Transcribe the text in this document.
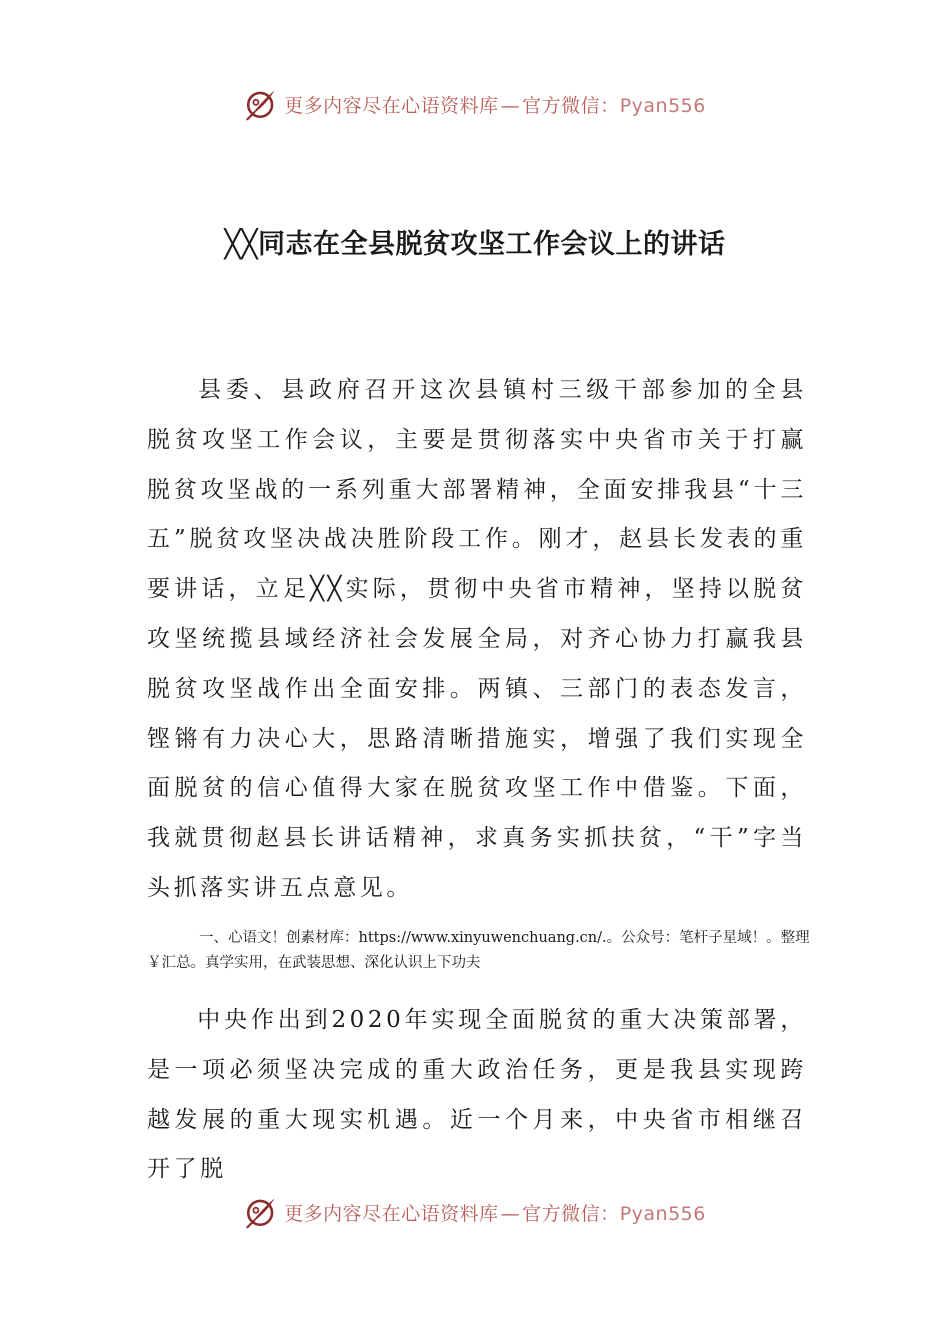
更多内容尽在心语资料库 — 官方微信：Pyan556
╳╳同志在全县脱贫攻坚工作会议上的讲话

县委、县政府召开这次县镇村三级干部参加的全县脱贫攻坚工作会议，主要是贯彻落实中央省市关于打赢脱贫攻坚战的一系列重大部署精神，全面安排我县“十三五”脱贫攻坚决战决胜阶段工作。刚才，赵县长发表的重要讲话，立足╳╳实际，贯彻中央省市精神，坚持以脱贫攻坚统揽县域经济社会发展全局，对齐心协力打赢我县脱贫攻坚战作出全面安排。两镇、三部门的表态发言，铿锵有力决心大，思路清晰措施实，增强了我们实现全面脱贫的信心值得大家在脱贫攻坚工作中借鉴。下面，我就贯彻赵县长讲话精神，求真务实抓扶贫，“干”字当头抓落实讲五点意见。

一、心语文！创素材库：https://www.xinyuwenchuang.cn/.。公众号：笔杆子星域！。整理￥汇总。真学实用，在武装思想、深化认识上下功夫

中央作出到2020年实现全面脱贫的重大决策部署，是一项必须坚决完成的重大政治任务，更是我县实现跨越发展的重大现实机遇。近一个月来，中央省市相继召开了脱

更多内容尽在心语资料库 — 官方微信：Pyan556
